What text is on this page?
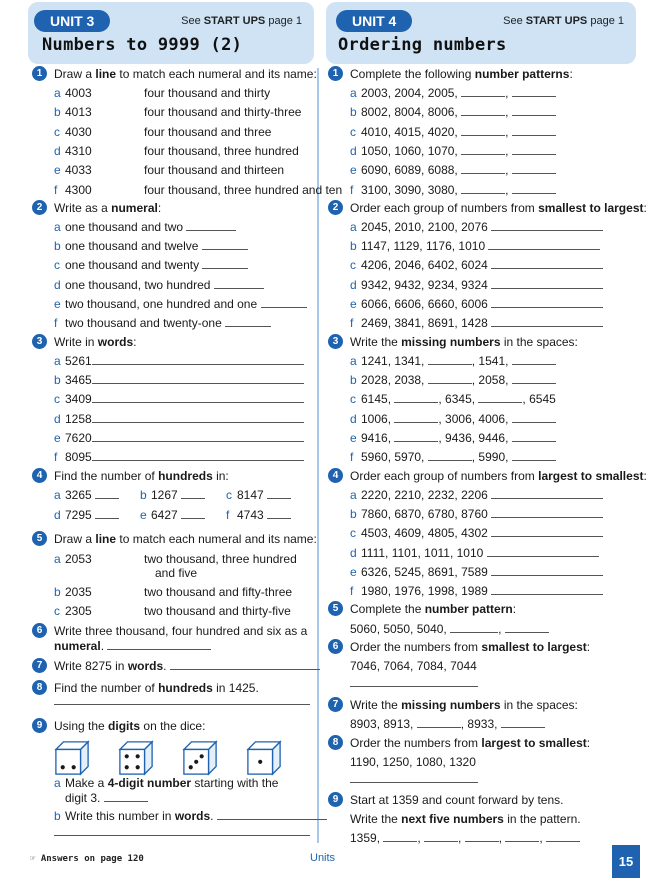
UNIT 3	See START UPS page 1
Numbers to 9999 (2)
1 Draw a line to match each numeral and its name:
a 4003	four thousand and thirty
b 4013	four thousand and thirty-three
c 4030	four thousand and three
d 4310	four thousand, three hundred
e 4033	four thousand and thirteen
f 4300	four thousand, three hundred and ten
2 Write as a numeral:
a one thousand and two
b one thousand and twelve
c one thousand and twenty
d one thousand, two hundred
e two thousand, one hundred and one
f two thousand and twenty-one
3 Write in words:
a 5261
b 3465
c 3409
d 1258
e 7620
f 8095
4 Find the number of hundreds in:
a 3265	b 1267	c 8147
d 7295	e 6427	f 4743
5 Draw a line to match each numeral and its name:
a 2053	two thousand, three hundred
and five
b 2035	two thousand and fifty-three
c 2305	two thousand and thirty-five
6 Write three thousand, four hundred and six as a
numeral.
7 Write 8275 in words.
8 Find the number of hundreds in 1425.
9 Using the digits on the dice:
a Make a 4-digit number starting with the
digit 3.
b Write this number in words.
UNIT 4	See START UPS page 1
Ordering numbers
1 Complete the following number patterns:
a 2003, 2004, 2005,	,
b 8002, 8004, 8006,	,
c 4010, 4015, 4020,	,
d 1050, 1060, 1070,	,
e 6090, 6089, 6088,	,
f 3100, 3090, 3080,	,
2 Order each group of numbers from smallest to largest:
a 2045, 2010, 2100, 2076
b 1147, 1129, 1176, 1010
c 4206, 2046, 6402, 6024
d 9342, 9432, 9234, 9324
e 6066, 6606, 6660, 6006
f 2469, 3841, 8691, 1428
3 Write the missing numbers in the spaces:
a 1241, 1341,	, 1541,
b 2028, 2038,	, 2058,
c 6145,	, 6345,	, 6545
d 1006,	, 3006, 4006,
e 9416,	, 9436, 9446,
f 5960, 5970,	, 5990,
4 Order each group of numbers from largest to smallest:
a 2220, 2210, 2232, 2206
b 7860, 6870, 6780, 8760
c 4503, 4609, 4805, 4302
d 1111, 1101, 1011, 1010
e 6326, 5245, 8691, 7589
f 1980, 1976, 1998, 1989
5 Complete the number pattern:
5060, 5050, 5040,	,
6 Order the numbers from smallest to largest:
7046, 7064, 7084, 7044
7 Write the missing numbers in the spaces:
8903, 8913,	, 8933,
8 Order the numbers from largest to smallest:
1190, 1250, 1080, 1320
9 Start at 1359 and count forward by tens.
Write the next five numbers in the pattern.
1359,	,	,	,	,
☞ Answers on page 120	Units	15
